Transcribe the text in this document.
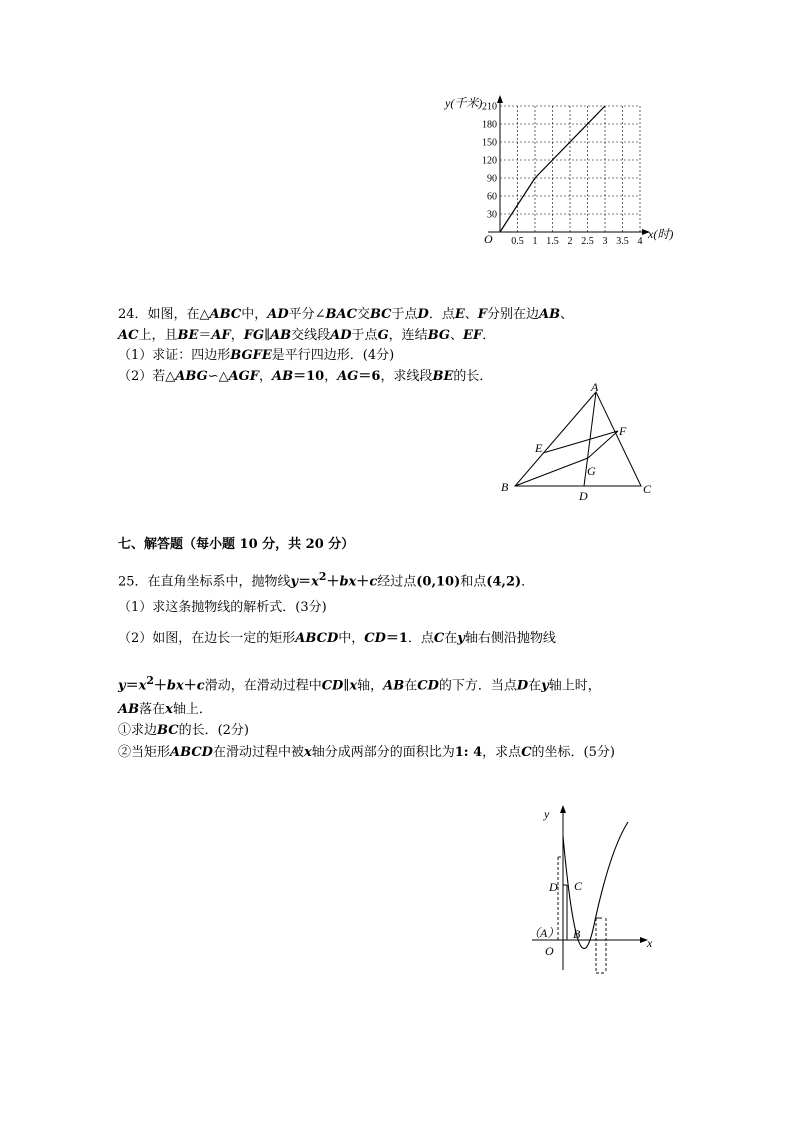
y(千米)
x(时)
O
30
60
90
120
150
180
210
0.5 1 1.5 2 2.5 3 3.5 4
24．如图，在△ABC中，AD平分∠BAC交BC于点D．点E、F分别在边AB、
AC上，且BE＝AF，FG∥AB交线段AD于点G，连结BG、EF．
（1）求证：四边形BGFE是平行四边形．(4分)
（2）若△ABG∽△AGF，AB＝10，AG＝6，求线段BE的长．
A
B	C
D
E
F
G
七、解答题（每小题 10 分，共 20 分）
25．在直角坐标系中，抛物线$y=x^2+bx+c$经过点(0,10)和点(4,2)．
（1）求这条抛物线的解析式．(3分)
（2）如图，在边长一定的矩形ABCD中，CD＝1．点C在y轴右侧沿抛物线
$y=x^2+bx+c$滑动，在滑动过程中CD∥x轴，AB在CD的下方．当点D在y轴上时，
AB落在x轴上．
①求边BC的长．(2分)
②当矩形ABCD在滑动过程中被x轴分成两部分的面积比为1: 4，求点C的坐标．(5分)
y
x
O
（A） B
C
D
